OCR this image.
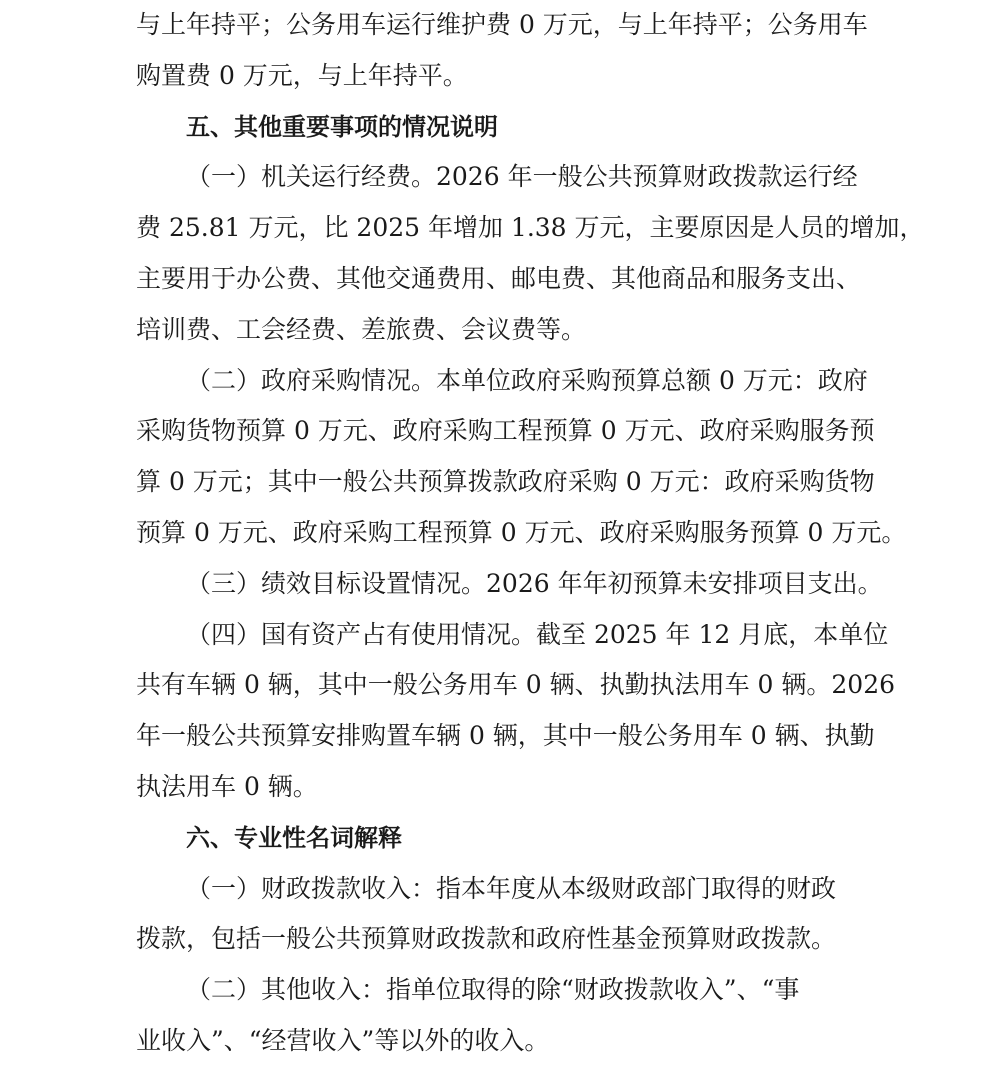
与上年持平；公务用车运行维护费 0 万元，与上年持平；公务用车
购置费 0 万元，与上年持平。

五、其他重要事项的情况说明

（一）机关运行经费。2026 年一般公共预算财政拨款运行经
费 25.81 万元，比 2025 年增加 1.38 万元，主要原因是人员的增加，
主要用于办公费、其他交通费用、邮电费、其他商品和服务支出、
培训费、工会经费、差旅费、会议费等。

（二）政府采购情况。本单位政府采购预算总额 0 万元：政府
采购货物预算 0 万元、政府采购工程预算 0 万元、政府采购服务预
算 0 万元；其中一般公共预算拨款政府采购 0 万元：政府采购货物
预算 0 万元、政府采购工程预算 0 万元、政府采购服务预算 0 万元。

（三）绩效目标设置情况。2026 年年初预算未安排项目支出。

（四）国有资产占有使用情况。截至 2025 年 12 月底，本单位
共有车辆 0 辆，其中一般公务用车 0 辆、执勤执法用车 0 辆。2026
年一般公共预算安排购置车辆 0 辆，其中一般公务用车 0 辆、执勤
执法用车 0 辆。

六、专业性名词解释

（一）财政拨款收入：指本年度从本级财政部门取得的财政
拨款，包括一般公共预算财政拨款和政府性基金预算财政拨款。

（二）其他收入：指单位取得的除“财政拨款收入”、“事
业收入”、“经营收入”等以外的收入。
